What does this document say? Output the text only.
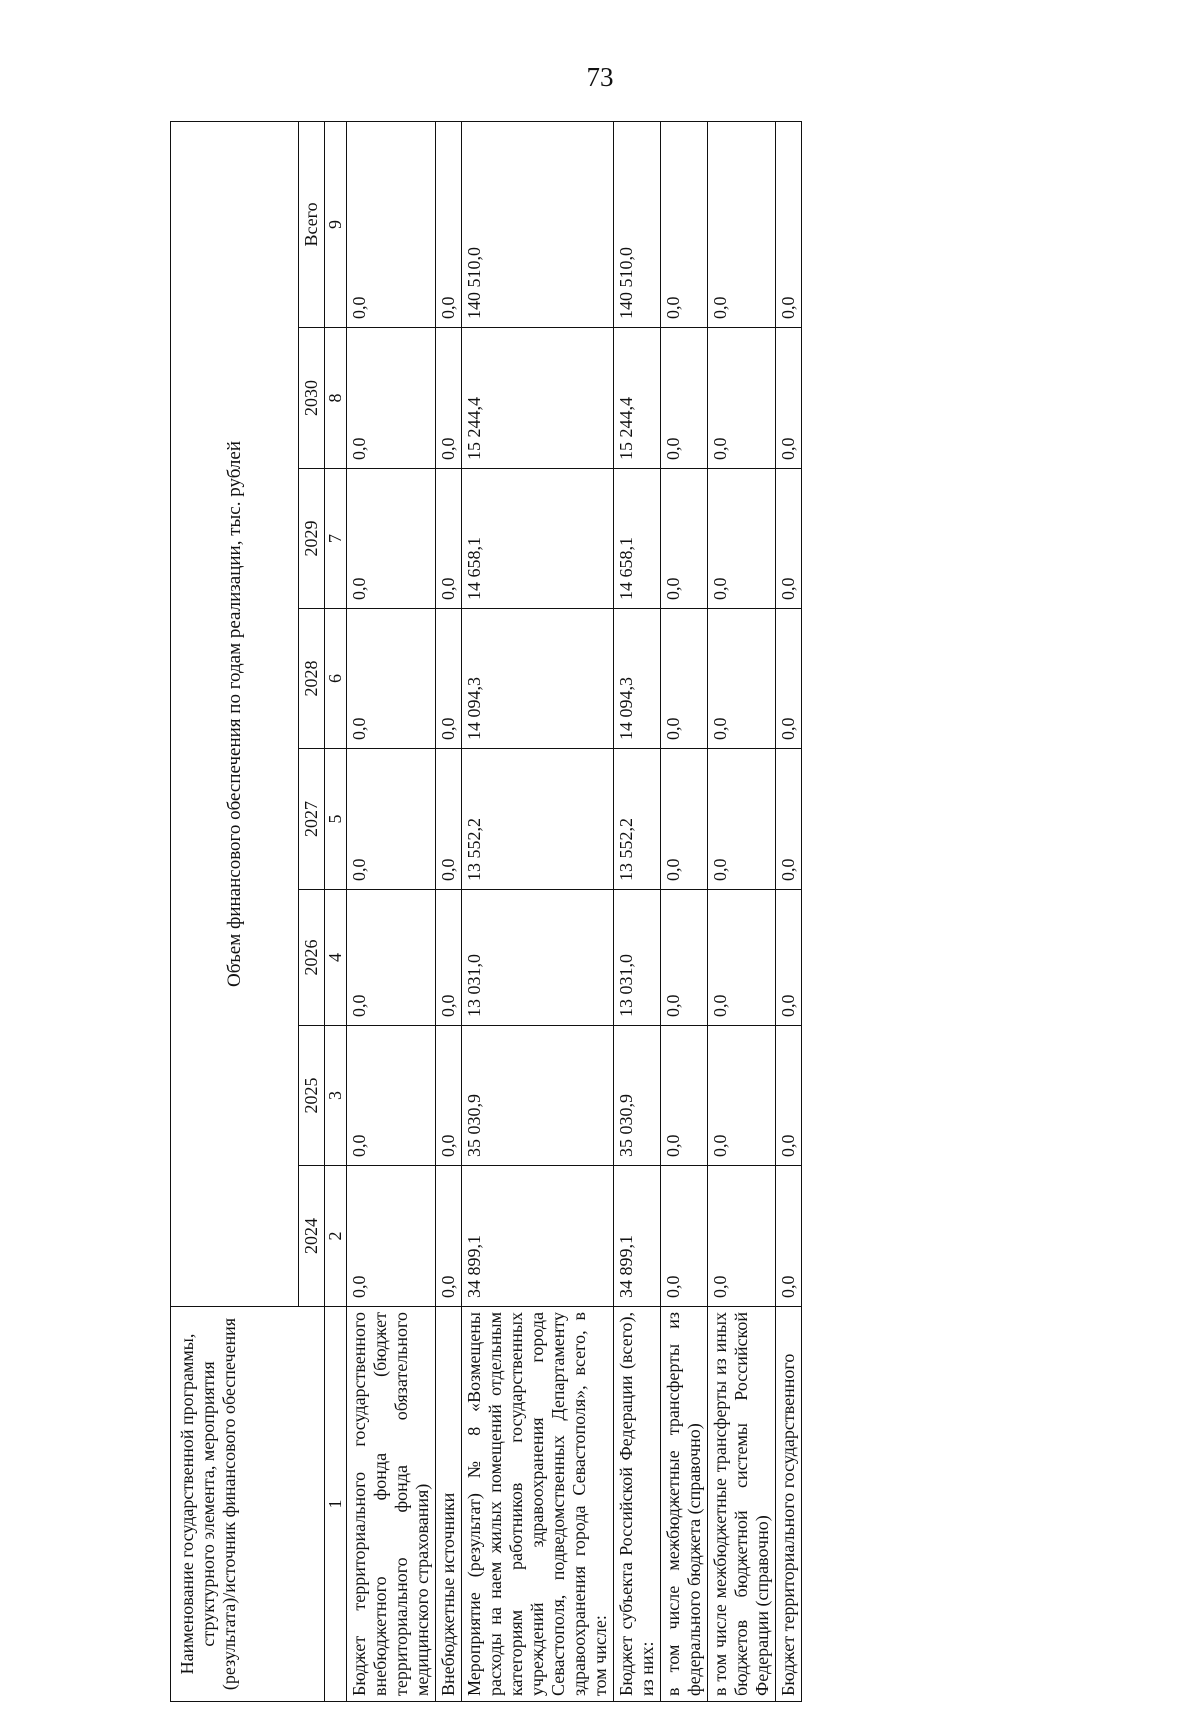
73
Наименование государственной программы, структурного элемента, мероприятия (результата)/источник финансового обеспечения	Объем финансового обеспечения по годам реализации, тыс. рублей							
	2024	2025	2026	2027	2028	2029	2030	Всего
1	2	3	4	5	6	7	8	9
Бюджет территориального государственного внебюджетного фонда (бюджет территориального фонда обязательного медицинского страхования)	0,0	0,0	0,0	0,0	0,0	0,0	0,0	0,0
Внебюджетные источники	0,0	0,0	0,0	0,0	0,0	0,0	0,0	0,0
Мероприятие (результат) № 8 «Возмещены расходы на наем жилых помещений отдельным категориям работников государственных учреждений здравоохранения города Севастополя, подведомственных Департаменту здравоохранения города Севастополя», всего, в том числе:	34 899,1	35 030,9	13 031,0	13 552,2	14 094,3	14 658,1	15 244,4	140 510,0
Бюджет субъекта Российской Федерации (всего), из них:	34 899,1	35 030,9	13 031,0	13 552,2	14 094,3	14 658,1	15 244,4	140 510,0
в том числе межбюджетные трансферты из федерального бюджета (справочно)	0,0	0,0	0,0	0,0	0,0	0,0	0,0	0,0
в том числе межбюджетные трансферты из иных бюджетов бюджетной системы Российской Федерации (справочно)	0,0	0,0	0,0	0,0	0,0	0,0	0,0	0,0
Бюджет территориального государственного	0,0	0,0	0,0	0,0	0,0	0,0	0,0	0,0
